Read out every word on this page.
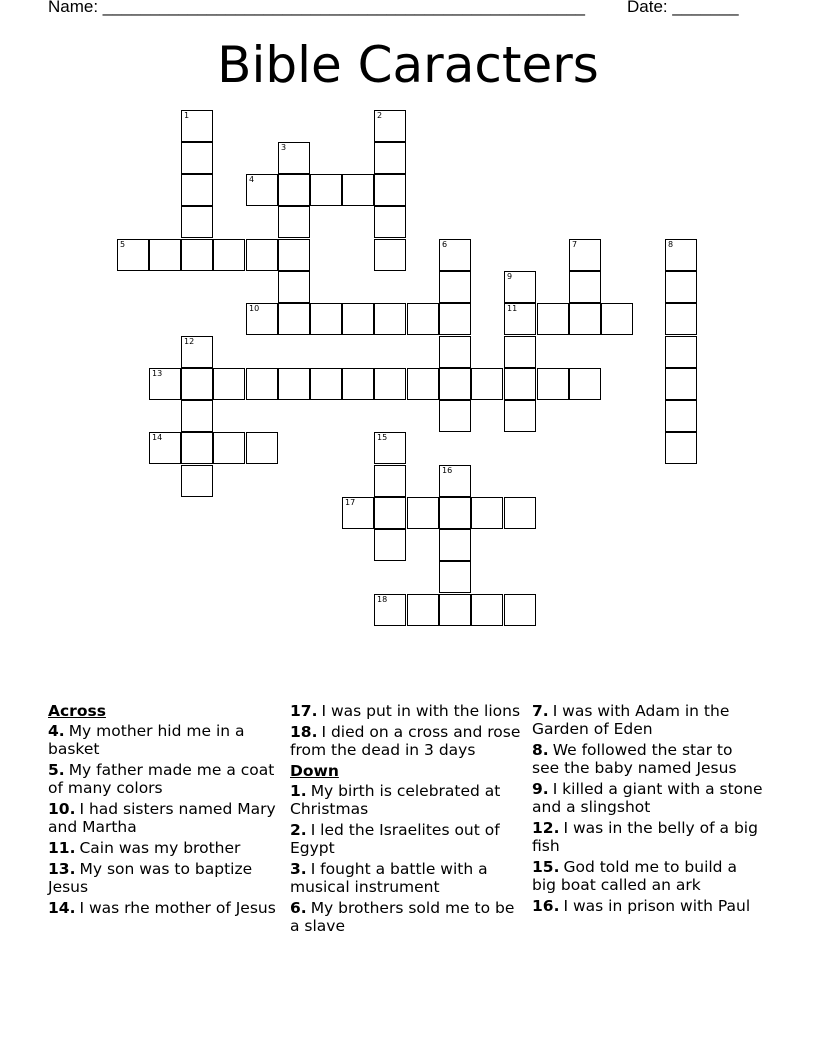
Name: ___________________________________________________ Date: _______
Bible Caracters
1	2
3
4
5	6	7	8
9
10	11
12
13
14	15
16
17
18
Across
4. My mother hid me in a basket
5. My father made me a coat of many colors
10. I had sisters named Mary and Martha
11. Cain was my brother
13. My son was to baptize Jesus
14. I was rhe mother of Jesus
17. I was put in with the lions
18. I died on a cross and rose from the dead in 3 days
Down
1. My birth is celebrated at Christmas
2. I led the Israelites out of Egypt
3. I fought a battle with a musical instrument
6. My brothers sold me to be a slave
7. I was with Adam in the Garden of Eden
8. We followed the star to see the baby named Jesus
9. I killed a giant with a stone and a slingshot
12. I was in the belly of a big fish
15. God told me to build a big boat called an ark
16. I was in prison with Paul
